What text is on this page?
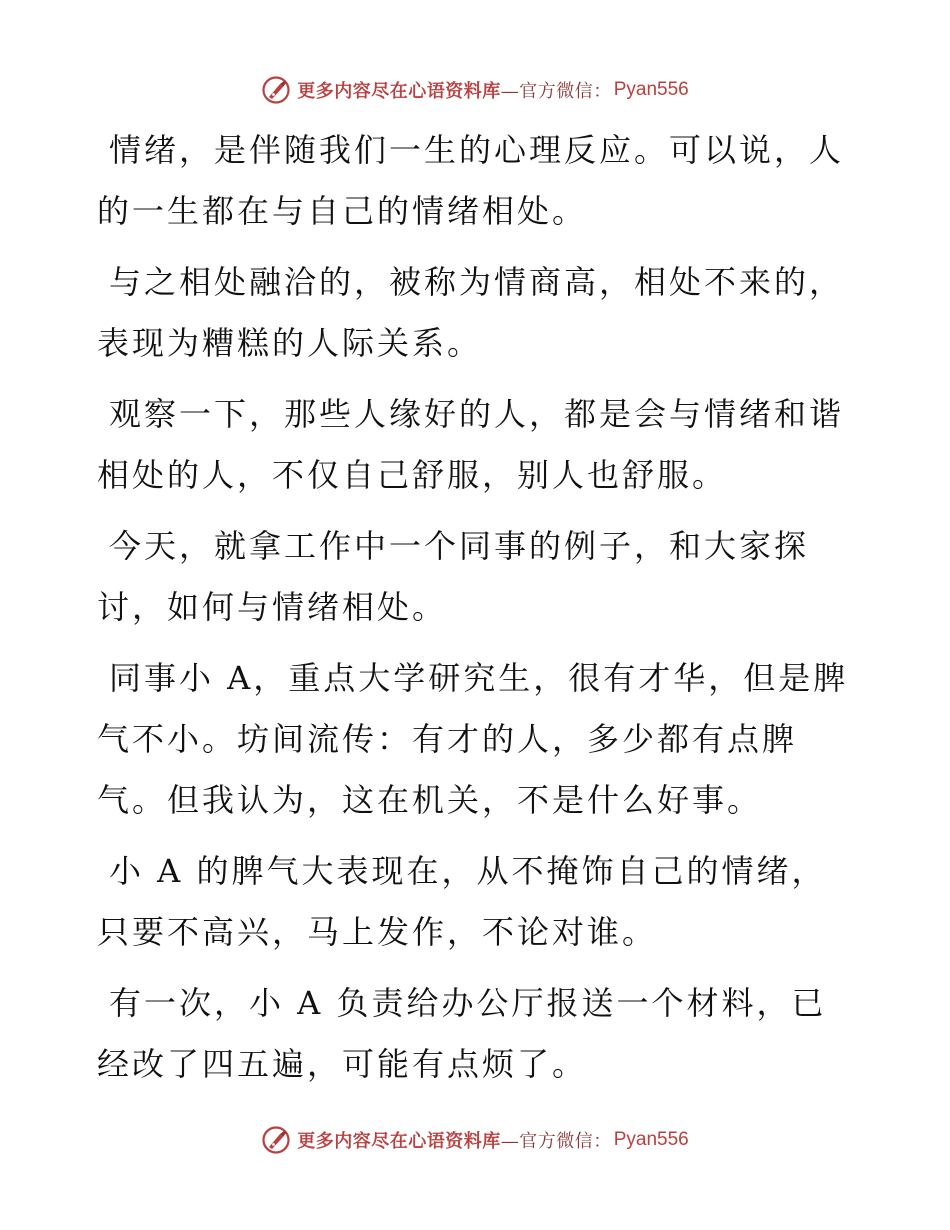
更多内容尽在心语资料库 —官方微信： Pyan556

情绪，是伴随我们一生的心理反应。可以说，人的一生都在与自己的情绪相处。

与之相处融洽的，被称为情商高，相处不来的，表现为糟糕的人际关系。

观察一下，那些人缘好的人，都是会与情绪和谐相处的人，不仅自己舒服，别人也舒服。

今天，就拿工作中一个同事的例子，和大家探讨，如何与情绪相处。

同事小 A，重点大学研究生，很有才华，但是脾气不小。坊间流传：有才的人，多少都有点脾气。但我认为，这在机关，不是什么好事。

小 A 的脾气大表现在，从不掩饰自己的情绪，只要不高兴，马上发作，不论对谁。

有一次，小 A 负责给办公厅报送一个材料，已经改了四五遍，可能有点烦了。

更多内容尽在心语资料库 —官方微信： Pyan556
